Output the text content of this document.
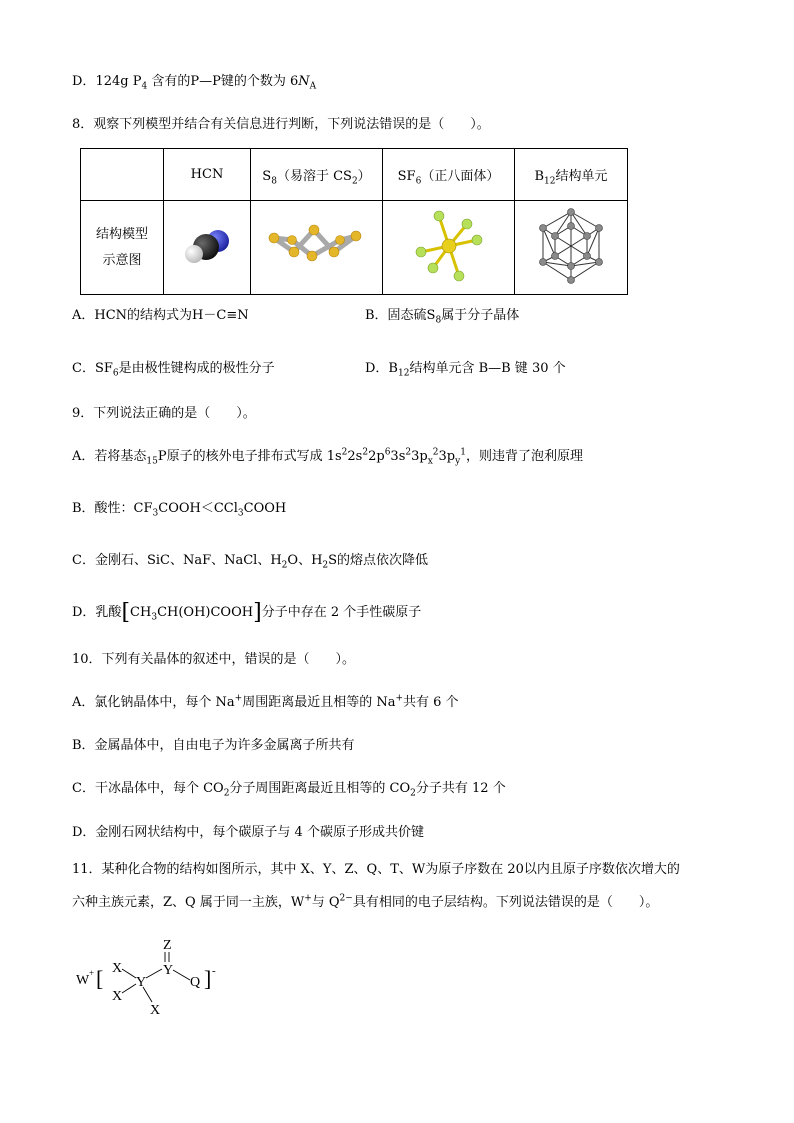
D．124g $P_4$ 含有的P—P键的个数为 $6N_A$
8．观察下列模型并结合有关信息进行判断，下列说法错误的是（　　）。
	HCN	$S_8$（易溶于 $CS_2$）	$SF_6$（正八面体）	$B_{12}$结构单元
结构模型
示意图				
A．HCN的结构式为H－C≡N	B．固态硫$S_8$属于分子晶体
C．$SF_6$是由极性键构成的极性分子	D．$B_{12}$结构单元含 B—B 键 30 个
9．下列说法正确的是（　　）。
A．若将基态$_{15}$P原子的核外电子排布式写成 $1s^22s^22p^63s^23p_x^23p_y^1$，则违背了泡利原理
B．酸性：$CF_3COOH<CCl_3COOH$
C．金刚石、SiC、NaF、NaCl、$H_2O$、$H_2S$的熔点依次降低
D．乳酸$[CH_3CH(OH)COOH]$分子中存在 2 个手性碳原子
10．下列有关晶体的叙述中，错误的是（　　）。
A．氯化钠晶体中，每个 Na+周围距离最近且相等的 Na+共有 6 个
B．金属晶体中，自由电子为许多金属离子所共有
C．干冰晶体中，每个 $CO_2$分子周围距离最近且相等的 $CO_2$分子共有 12 个
D．金刚石网状结构中，每个碳原子与 4 个碳原子形成共价键
11．某种化合物的结构如图所示，其中 X、Y、Z、Q、T、W为原子序数在 20以内且原子序数依次增大的
六种主族元素，Z、Q 属于同一主族，W+与 $Q^{2-}$具有相同的电子层结构。下列说法错误的是（　　）。
W + [ X
X
Y
X
Y
Z
Q ] -
